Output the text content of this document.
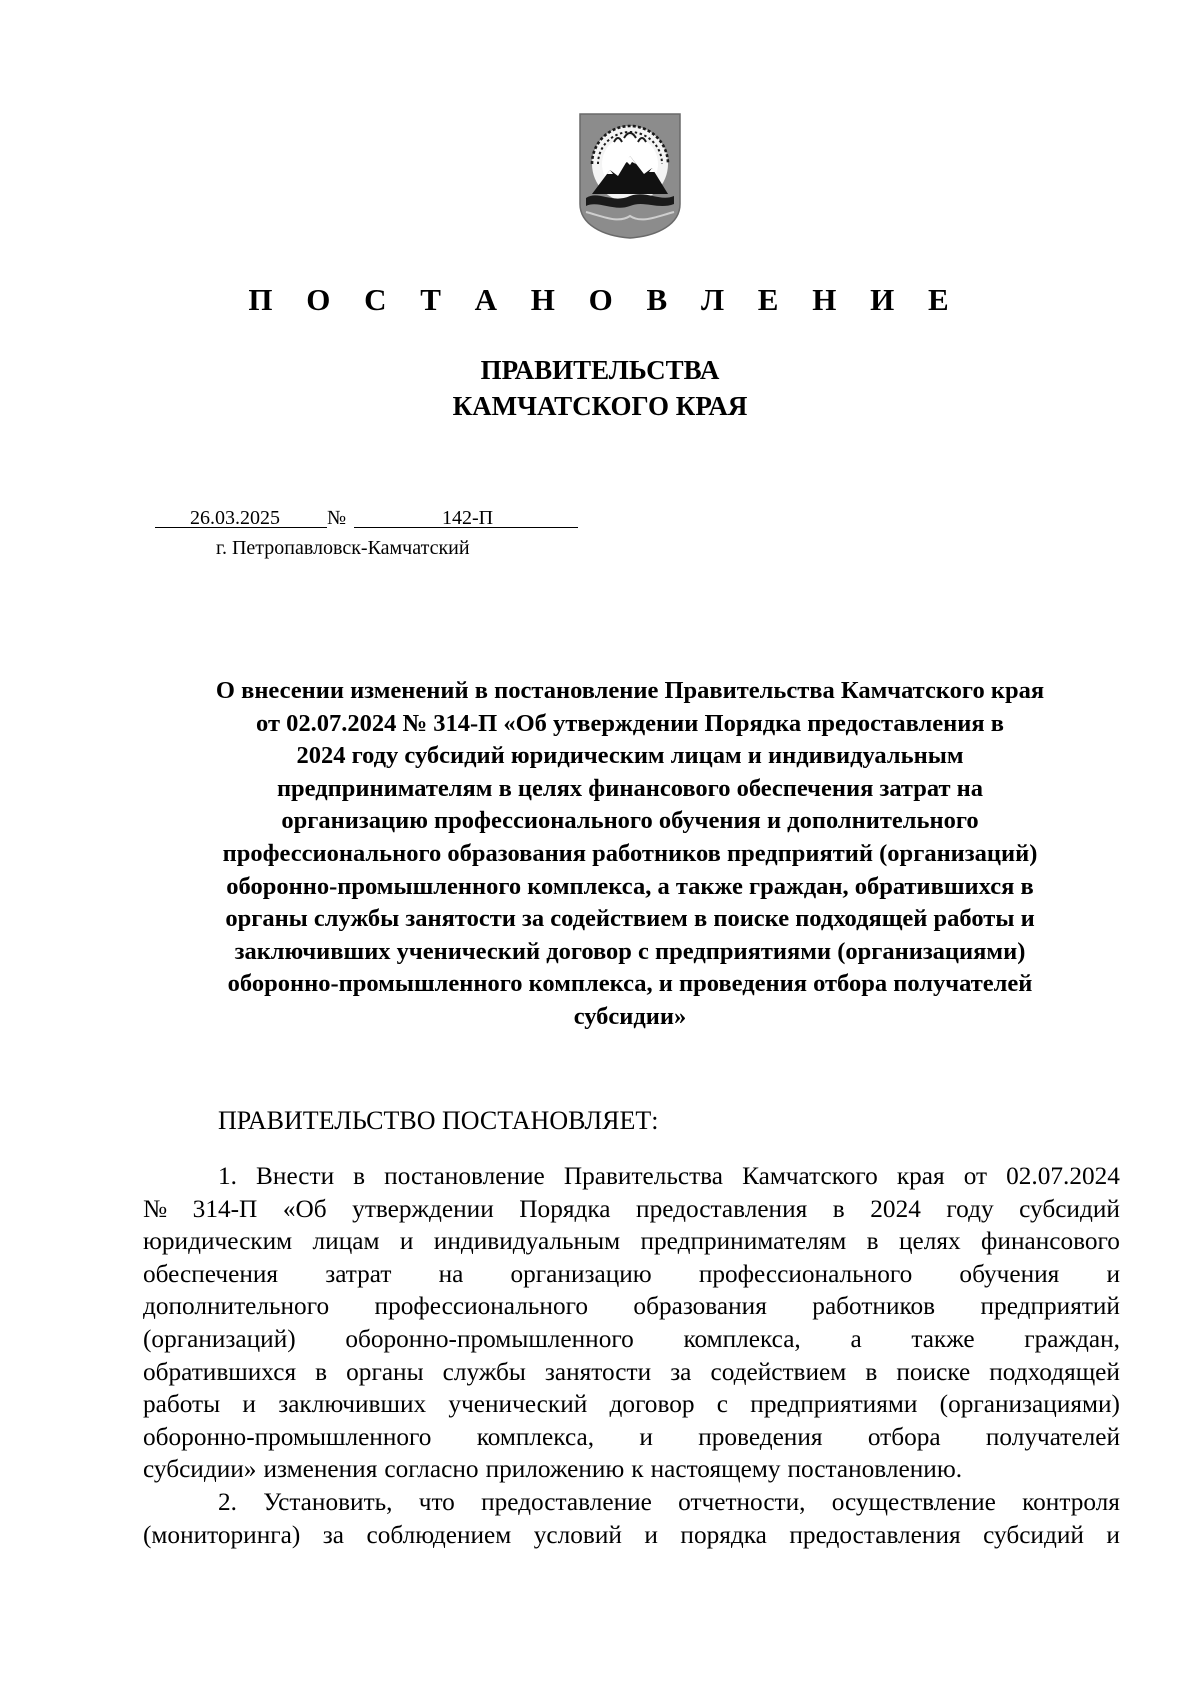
П О С Т А Н О В Л Е Н И Е
ПРАВИТЕЛЬСТВА
КАМЧАТСКОГО КРАЯ
26.03.2025 №	142-П
г. Петропавловск-Камчатский
О внесении изменений в постановление Правительства Камчатского края
от 02.07.2024 № 314-П «Об утверждении Порядка предоставления в
2024 году субсидий юридическим лицам и индивидуальным
предпринимателям в целях финансового обеспечения затрат на
организацию профессионального обучения и дополнительного
профессионального образования работников предприятий (организаций)
оборонно-промышленного комплекса, а также граждан, обратившихся в
органы службы занятости за содействием в поиске подходящей работы и
заключивших ученический договор с предприятиями (организациями)
оборонно-промышленного комплекса, и проведения отбора получателей
субсидии»
ПРАВИТЕЛЬСТВО ПОСТАНОВЛЯЕТ:
1. Внести в постановление Правительства Камчатского края от 02.07.2024
№ 314-П «Об утверждении Порядка предоставления в 2024 году субсидий
юридическим лицам и индивидуальным предпринимателям в целях финансового
обеспечения затрат на организацию профессионального обучения и
дополнительного профессионального образования работников предприятий
(организаций) оборонно-промышленного комплекса, а также граждан,
обратившихся в органы службы занятости за содействием в поиске подходящей
работы и заключивших ученический договор с предприятиями (организациями)
оборонно-промышленного комплекса, и проведения отбора получателей
субсидии» изменения согласно приложению к настоящему постановлению.
2. Установить, что предоставление отчетности, осуществление контроля
(мониторинга) за соблюдением условий и порядка предоставления субсидий и
